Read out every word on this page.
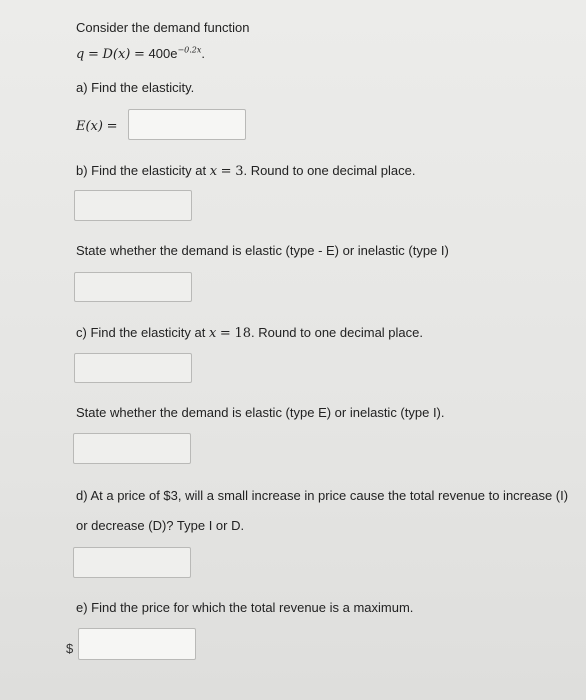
Consider the demand function
$q = D(x) = 400e^{-0.2x}$.
a) Find the elasticity.
E(x) =
b) Find the elasticity at x = 3. Round to one decimal place.
State whether the demand is elastic (type - E) or inelastic (type I)
c) Find the elasticity at x = 18. Round to one decimal place.
State whether the demand is elastic (type E) or inelastic (type I).
d) At a price of $3, will a small increase in price cause the total revenue to increase (I)
or decrease (D)? Type I or D.
e) Find the price for which the total revenue is a maximum.
$
